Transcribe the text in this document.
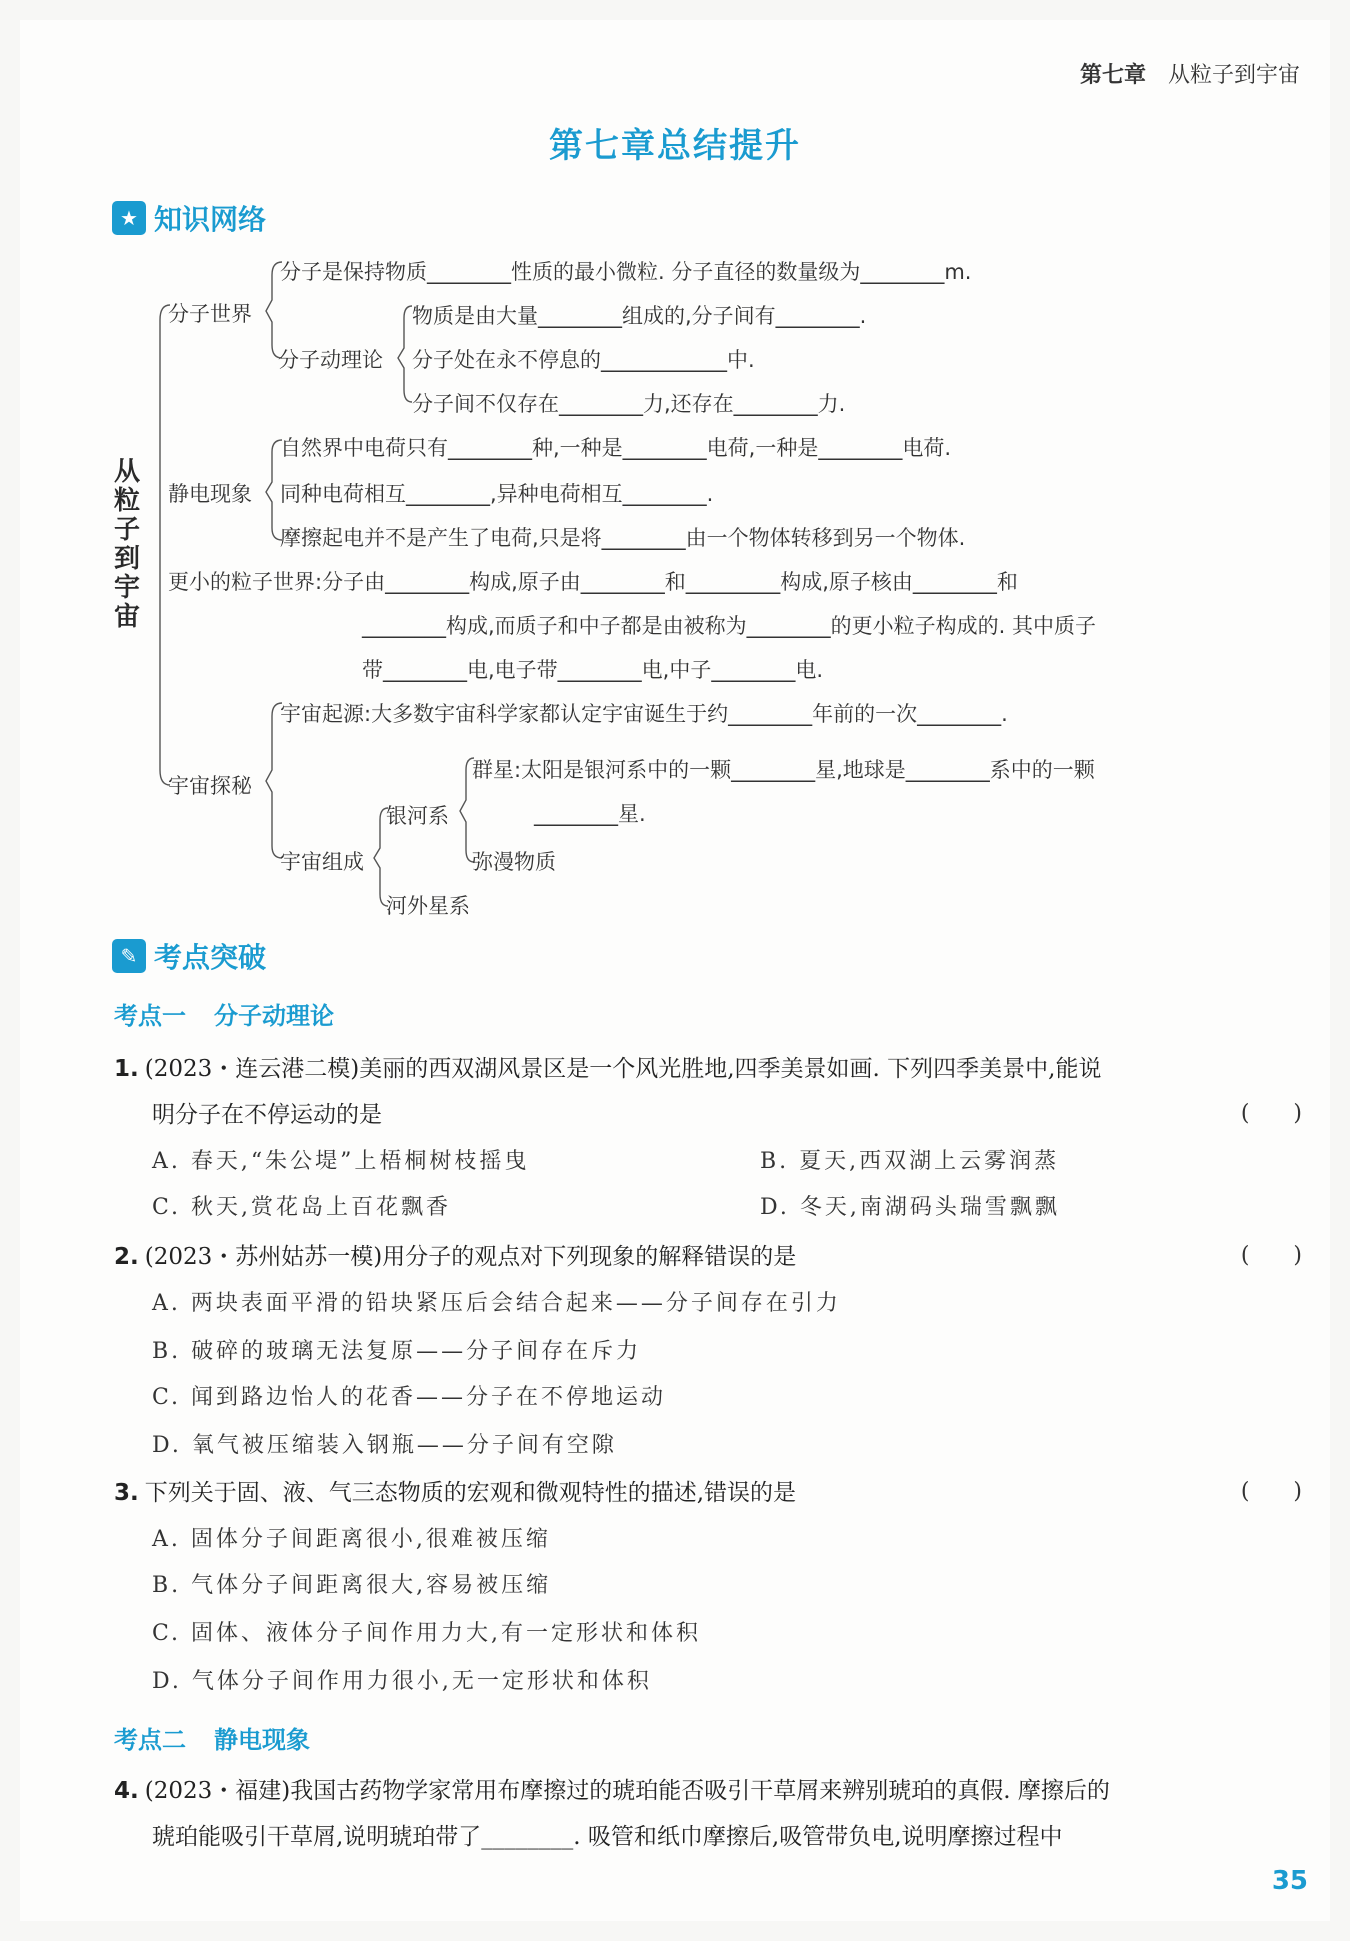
第七章 从粒子到宇宙
第七章总结提升
★ 知识网络
从粒子到宇宙
分子世界
分子是保持物质________性质的最小微粒. 分子直径的数量级为________m.
分子动理论
物质是由大量________组成的,分子间有________.
分子处在永不停息的____________中.
分子间不仅存在________力,还存在________力.
静电现象
自然界中电荷只有________种,一种是________电荷,一种是________电荷.
同种电荷相互________,异种电荷相互________.
摩擦起电并不是产生了电荷,只是将________由一个物体转移到另一个物体.
更小的粒子世界:分子由________构成,原子由________和_________构成,原子核由________和
________构成,而质子和中子都是由被称为________的更小粒子构成的. 其中质子
带________电,电子带________电,中子________电.
宇宙探秘
宇宙起源:大多数宇宙科学家都认定宇宙诞生于约________年前的一次________.
宇宙组成
银河系
群星:太阳是银河系中的一颗________星,地球是________系中的一颗
________星.
弥漫物质
河外星系
✎ 考点突破
考点一 分子动理论
1. (2023・连云港二模)美丽的西双湖风景区是一个风光胜地,四季美景如画. 下列四季美景中,能说
明分子在不停运动的是	(　　)
A. 春天,“朱公堤”上梧桐树枝摇曳	B. 夏天,西双湖上云雾润蒸
C. 秋天,赏花岛上百花飘香	D. 冬天,南湖码头瑞雪飘飘
2. (2023・苏州姑苏一模)用分子的观点对下列现象的解释错误的是	(　　)
A. 两块表面平滑的铅块紧压后会结合起来——分子间存在引力
B. 破碎的玻璃无法复原——分子间存在斥力
C. 闻到路边怡人的花香——分子在不停地运动
D. 氧气被压缩装入钢瓶——分子间有空隙
3. 下列关于固、液、气三态物质的宏观和微观特性的描述,错误的是	(　　)
A. 固体分子间距离很小,很难被压缩
B. 气体分子间距离很大,容易被压缩
C. 固体、液体分子间作用力大,有一定形状和体积
D. 气体分子间作用力很小,无一定形状和体积
考点二 静电现象
4. (2023・福建)我国古药物学家常用布摩擦过的琥珀能否吸引干草屑来辨别琥珀的真假. 摩擦后的
琥珀能吸引干草屑,说明琥珀带了________. 吸管和纸巾摩擦后,吸管带负电,说明摩擦过程中
35
